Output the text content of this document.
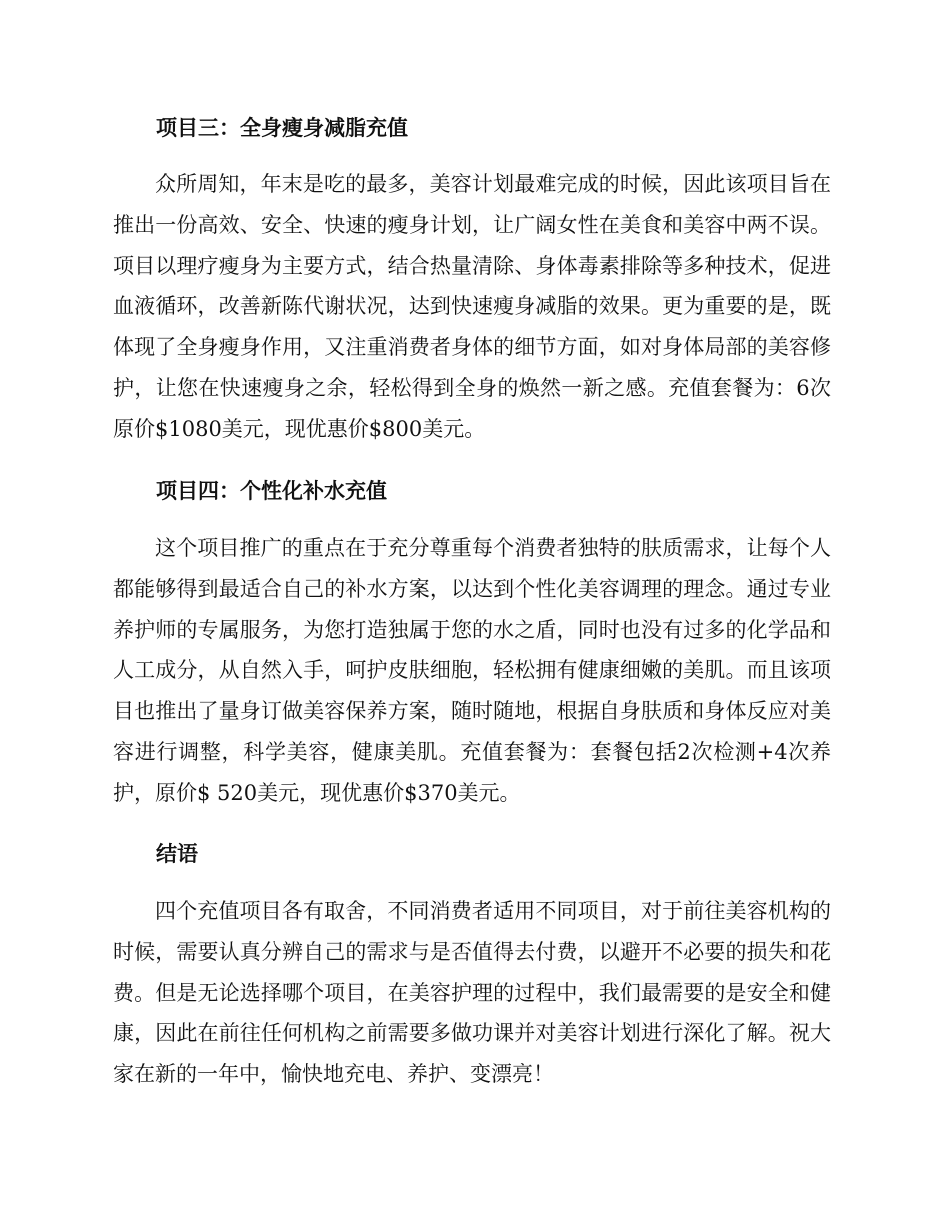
项目三：全身瘦身减脂充值

众所周知，年末是吃的最多，美容计划最难完成的时候，因此该项目旨在推出一份高效、安全、快速的瘦身计划，让广阔女性在美食和美容中两不误。项目以理疗瘦身为主要方式，结合热量清除、身体毒素排除等多种技术，促进血液循环，改善新陈代谢状况，达到快速瘦身减脂的效果。更为重要的是，既体现了全身瘦身作用，又注重消费者身体的细节方面，如对身体局部的美容修护，让您在快速瘦身之余，轻松得到全身的焕然一新之感。充值套餐为：6次原价$1080美元，现优惠价$800美元。

项目四：个性化补水充值

这个项目推广的重点在于充分尊重每个消费者独特的肤质需求，让每个人都能够得到最适合自己的补水方案，以达到个性化美容调理的理念。通过专业养护师的专属服务，为您打造独属于您的水之盾，同时也没有过多的化学品和人工成分，从自然入手，呵护皮肤细胞，轻松拥有健康细嫩的美肌。而且该项目也推出了量身订做美容保养方案，随时随地，根据自身肤质和身体反应对美容进行调整，科学美容，健康美肌。充值套餐为：套餐包括2次检测+4次养护，原价$ 520美元，现优惠价$370美元。

结语

四个充值项目各有取舍，不同消费者适用不同项目，对于前往美容机构的时候，需要认真分辨自己的需求与是否值得去付费，以避开不必要的损失和花费。但是无论选择哪个项目，在美容护理的过程中，我们最需要的是安全和健康，因此在前往任何机构之前需要多做功课并对美容计划进行深化了解。祝大家在新的一年中，愉快地充电、养护、变漂亮！
